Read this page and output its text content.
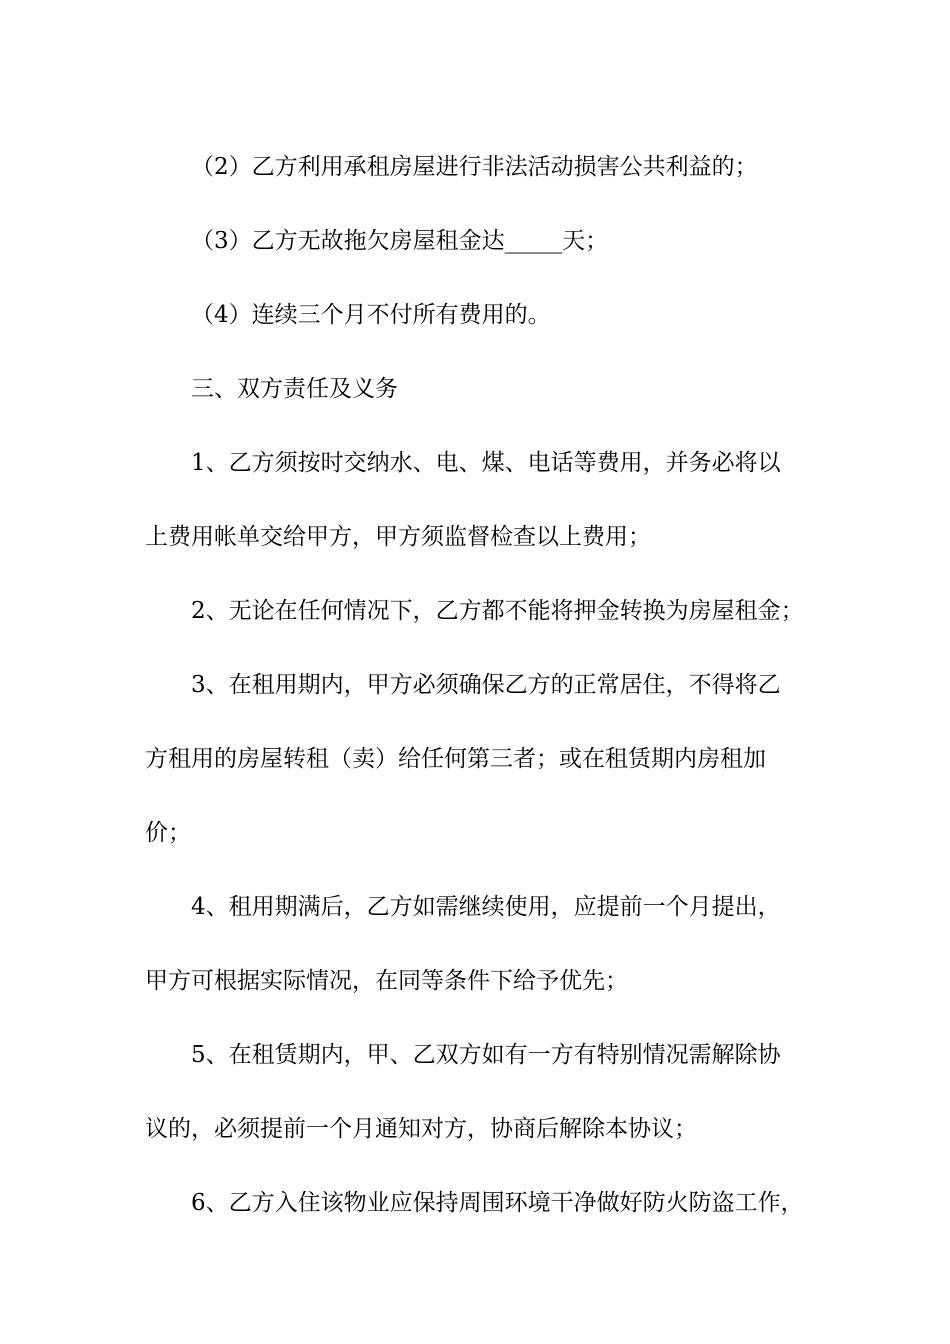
（2）乙方利用承租房屋进行非法活动损害公共利益的；
（3）乙方无故拖欠房屋租金达_____天；
（4）连续三个月不付所有费用的。
三、双方责任及义务
1、乙方须按时交纳水、电、煤、电话等费用，并务必将以
上费用帐单交给甲方，甲方须监督检查以上费用；
2、无论在任何情况下，乙方都不能将押金转换为房屋租金；
3、在租用期内，甲方必须确保乙方的正常居住，不得将乙
方租用的房屋转租（卖）给任何第三者；或在租赁期内房租加
价；
4、租用期满后，乙方如需继续使用，应提前一个月提出，
甲方可根据实际情况，在同等条件下给予优先；
5、在租赁期内，甲、乙双方如有一方有特别情况需解除协
议的，必须提前一个月通知对方，协商后解除本协议；
6、乙方入住该物业应保持周围环境干净做好防火防盗工作，
